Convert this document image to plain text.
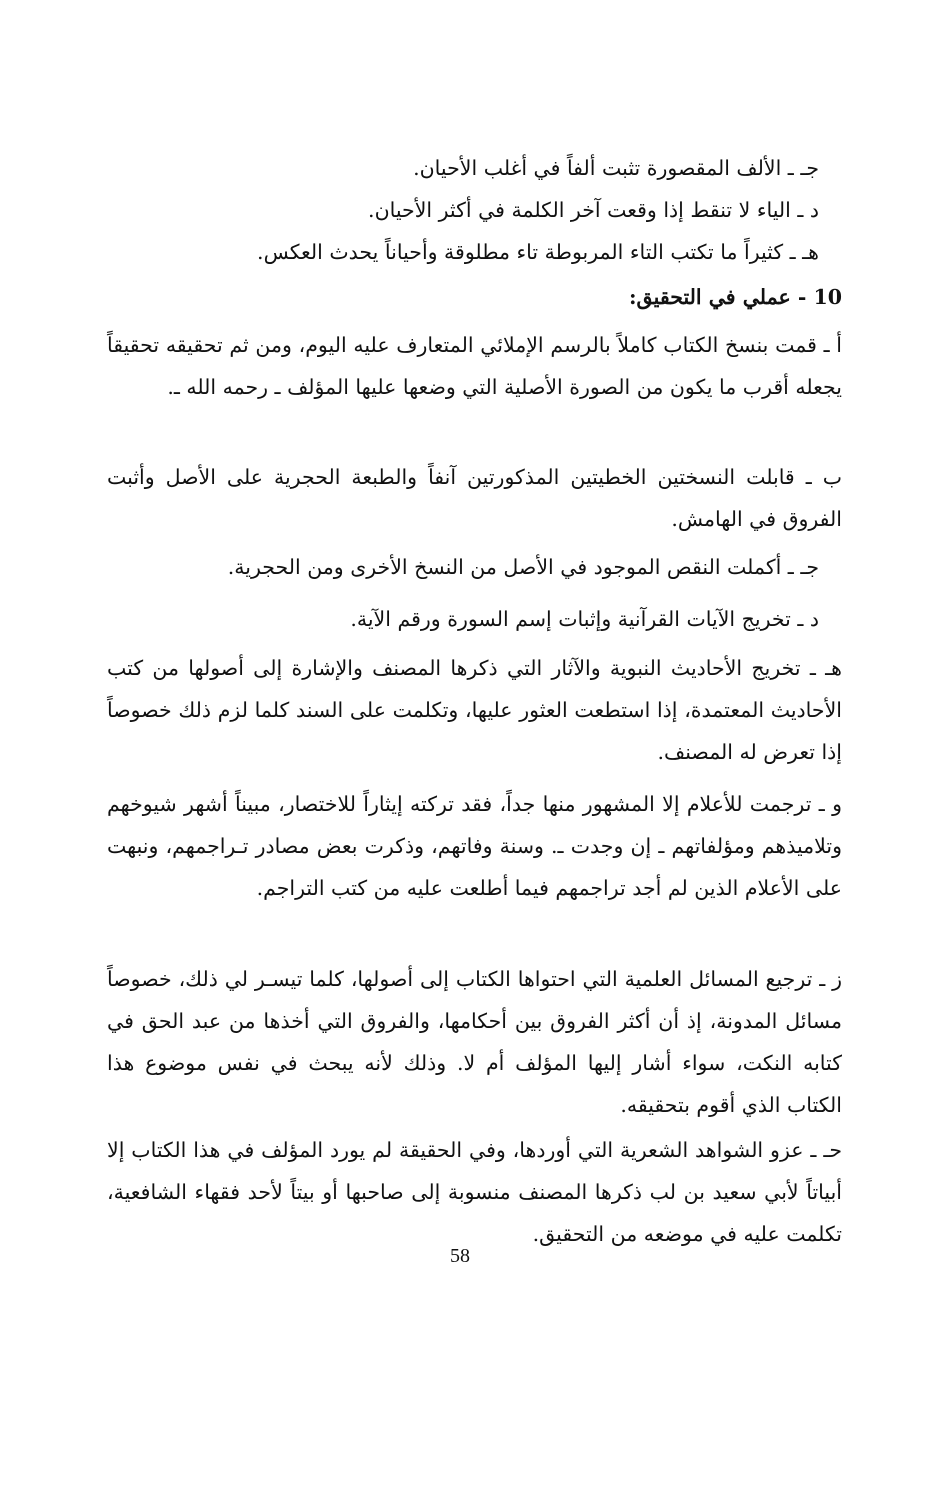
جـ ـ الألف المقصورة تثبت ألفاً في أغلب الأحيان.
د ـ الياء لا تنقط إذا وقعت آخر الكلمة في أكثر الأحيان.
هـ ـ كثيراً ما تكتب التاء المربوطة تاء مطلوقة وأحياناً يحدث العكس.
10 - عملي في التحقيق:

أ ـ قمت بنسخ الكتاب كاملاً بالرسم الإملائي المتعارف عليه اليوم، ومن ثم تحقيقه تحقيقاً يجعله أقرب ما يكون من الصورة الأصلية التي وضعها عليها المؤلف ـ رحمه الله ـ.

ب ـ قابلت النسختين الخطيتين المذكورتين آنفاً والطبعة الحجرية على الأصل وأثبت الفروق في الهامش.

جـ ـ أكملت النقص الموجود في الأصل من النسخ الأخرى ومن الحجرية.
د ـ تخريج الآيات القرآنية وإثبات إسم السورة ورقم الآية.

هـ ـ تخريج الأحاديث النبوية والآثار التي ذكرها المصنف والإشارة إلى أصولها من كتب الأحاديث المعتمدة، إذا استطعت العثور عليها، وتكلمت على السند كلما لزم ذلك خصوصاً إذا تعرض له المصنف.

و ـ ترجمت للأعلام إلا المشهور منها جداً، فقد تركته إيثاراً للاختصار، مبيناً أشهر شيوخهم وتلاميذهم ومؤلفاتهم ـ إن وجدت ـ. وسنة وفاتهم، وذكرت بعض مصادر تـراجمهم، ونبهت على الأعلام الذين لم أجد تراجمهم فيما أطلعت عليه من كتب التراجم.

ز ـ ترجيع المسائل العلمية التي احتواها الكتاب إلى أصولها، كلما تيسـر لي ذلك، خصوصاً مسائل المدونة، إذ أن أكثر الفروق بين أحكامها، والفروق التي أخذها من عبد الحق في كتابه النكت، سواء أشار إليها المؤلف أم لا. وذلك لأنه يبحث في نفس موضوع هذا الكتاب الذي أقوم بتحقيقه.

حـ ـ عزو الشواهد الشعرية التي أوردها، وفي الحقيقة لم يورد المؤلف في هذا الكتاب إلا أبياتاً لأبي سعيد بن لب ذكرها المصنف منسوبة إلى صاحبها أو بيتاً لأحد فقهاء الشافعية، تكلمت عليه في موضعه من التحقيق.

58
